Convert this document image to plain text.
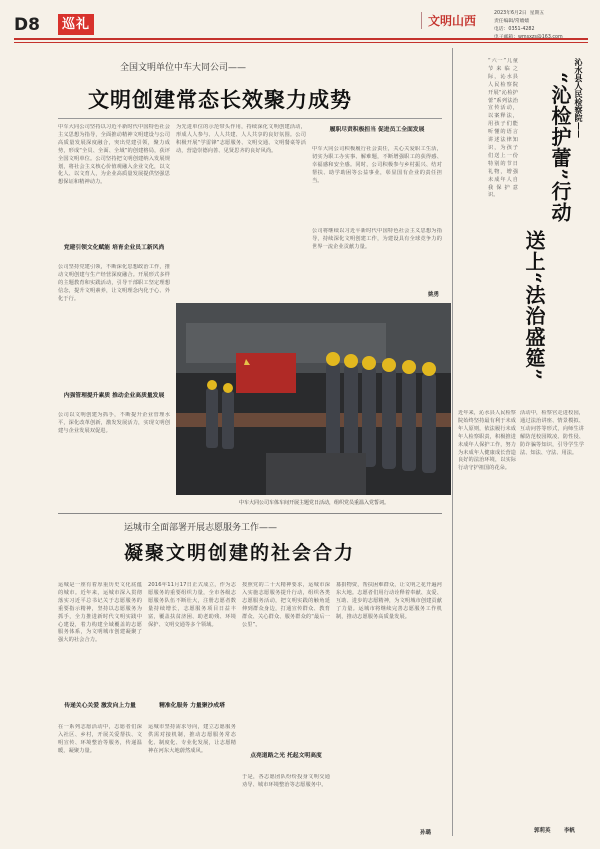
D8	巡礼	文明山西
2023年6月2日 星期五
责任编辑/常嫱嫱
电话：0351-4282
全国文明单位中车大同公司——
文明创建常态长效聚力成势
中车大同公司坚持以习近平新时代中国特色社会主义思想为指导，全面推动精神文明建设与公司高质量发展深度融合，突出党建引领，聚力成势，形成“全员、全面、全域”的创建格局，获评全国文明单位。公司坚持把文明创建纳入发展规划，将社会主义核心价值观融入企业文化，以文化人、以文育人，为企业高质量发展提供坚强思想保证和精神动力。
党建引领文化赋能 培育企业员工新风尚
公司坚持党建引领，不断深化思想政治工作，推动文明创建与生产经营深度融合。开展形式多样的主题教育和实践活动，引导干部职工坚定理想信念，提升文明素养，让文明理念内化于心、外化于行。
内强管理提升素质 推动企业高质量发展
公司以文明创建为抓手，不断提升企业管理水平，深化改革创新，激发发展活力，实现文明创建与企业发展双促进。
为先进单位的示范带头作用，持续深化文明创建活动，形成人人参与、人人共建、人人共享的良好氛围。公司积极开展“学雷锋”志愿服务、文明交通、文明餐桌等活动，营造崇德向善、见贤思齐的良好风尚。
履职尽责积极担当 促进员工全面发展
中车大同公司积极履行社会责任，关心关爱职工生活，切实为职工办实事、解难题，不断增强职工的获得感、幸福感和安全感。同时，公司积极参与乡村振兴、结对帮扶、助学助困等公益事业，彰显国有企业的责任担当。
公司将继续以习近平新时代中国特色社会主义思想为指导，持续深化文明创建工作，为建设具有全球竞争力的世界一流企业贡献力量。
姚勇
中车大同公司车体车间开展主题党日活动，组织党员重温入党誓词。
运城市全面部署开展志愿服务工作——
凝聚文明创建的社会合力
运城是一座有着厚重历史文化底蕴的城市。近年来，运城市深入贯彻落实习近平总书记关于志愿服务的重要指示精神，坚持以志愿服务为抓手，全力推进新时代文明实践中心建设，着力构建全域覆盖的志愿服务体系，为文明城市创建凝聚了强大的社会合力。
传递关心关爱 激发向上力量
在一系列志愿活动中，志愿者们深入社区、乡村，开展关爱帮扶、文明宣传、环境整治等服务，传递温暖，凝聚力量。
2016年11月17日正式成立，作为志愿服务的重要组织力量，全市各级志愿服务队伍不断壮大，注册志愿者数量持续增长，志愿服务项目日益丰富，覆盖扶贫济困、助老助残、环境保护、文明交通等多个领域。
精准化服务 力量聚沙成塔
运城市坚持需求导向，建立志愿服务供需对接机制，推动志愿服务常态化、制度化、专业化发展，让志愿精神在河东大地蔚然成风。
按照党的二十大精神要求，运城市深入实施志愿服务提升行动，组织各类志愿服务活动，把文明实践的触角延伸到群众身边，打通宣传群众、教育群众、关心群众、服务群众的“最后一公里”。
点亮道路之光 托起文明高度
于是，各志愿团队纷纷投身文明交通劝导、城市环境整治等志愿服务中。
募捐物资，帮扶困难群众，让文明之花开遍河东大地。志愿者们用行动诠释着奉献、友爱、互助、进步的志愿精神，为文明城市创建贡献了力量。运城市将继续完善志愿服务工作机制，推动志愿服务高质量发展。
孙璐
沁水县人民检察院——
“沁检护蕾”行动
送上“法治盛筵”
“六一”儿童节来临之际，沁水县人民检察院开展“沁检护蕾”系列法治宣传活动，以案释法，用孩子们能听懂的语言讲述法律知识，为孩子们送上一份特别的节日礼物，增强未成年人自我保护意识。
活动中，检察官走进校园，通过法治讲座、情景模拟、互动问答等形式，向师生讲解防范校园欺凌、防性侵、防诈骗等知识，引导学生学法、知法、守法、用法。
近年来，沁水县人民检察院始终坚持最有利于未成年人原则，依法履行未成年人检察职责，积极推进未成年人保护工作，努力为未成年人健康成长营造良好的法治环境，以实际行动守护祖国的花朵。
郭莉英 李帆
